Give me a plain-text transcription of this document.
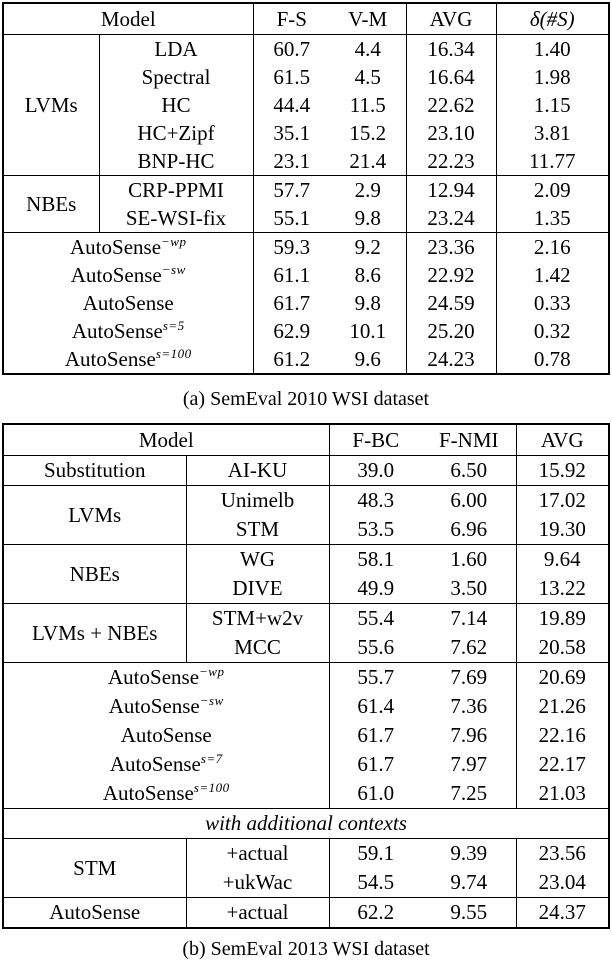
Model		F-S	V-M	AVG	δ(#S)
LVMs	LDA	60.7	4.4	16.34	1.40
	Spectral	61.5	4.5	16.64	1.98
	HC	44.4	11.5	22.62	1.15
	HC+Zipf	35.1	15.2	23.10	3.81
	BNP-HC	23.1	21.4	22.23	11.77
NBEs	CRP-PPMI	57.7	2.9	12.94	2.09
	SE-WSI-fix	55.1	9.8	23.24	1.35
AutoSense$^{-wp}$		59.3	9.2	23.36	2.16
AutoSense$^{-sw}$		61.1	8.6	22.92	1.42
AutoSense		61.7	9.8	24.59	0.33
AutoSense$^{s=5}$		62.9	10.1	25.20	0.32
AutoSense$^{s=100}$		61.2	9.6	24.23	0.78
(a) SemEval 2010 WSI dataset
Model		F-BC	F-NMI	AVG
Substitution	AI-KU	39.0	6.50	15.92
LVMs	Unimelb	48.3	6.00	17.02
	STM	53.5	6.96	19.30
NBEs	WG	58.1	1.60	9.64
	DIVE	49.9	3.50	13.22
LVMs + NBEs	STM+w2v	55.4	7.14	19.89
	MCC	55.6	7.62	20.58
AutoSense$^{-wp}$		55.7	7.69	20.69
AutoSense$^{-sw}$		61.4	7.36	21.26
AutoSense		61.7	7.96	22.16
AutoSense$^{s=7}$		61.7	7.97	22.17
AutoSense$^{s=100}$		61.0	7.25	21.03
with additional contexts				
STM	+actual	59.1	9.39	23.56
	+ukWac	54.5	9.74	23.04
AutoSense	+actual	62.2	9.55	24.37
(b) SemEval 2013 WSI dataset
